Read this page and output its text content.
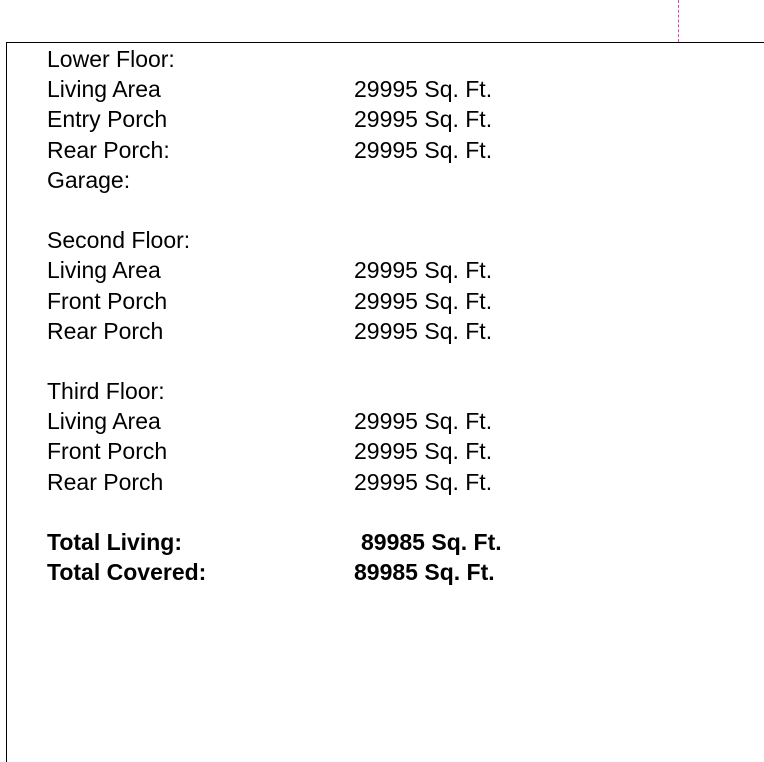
Lower Floor:
Living Area	29995 Sq. Ft.
Entry Porch	29995 Sq. Ft.
Rear Porch:	29995 Sq. Ft.
Garage:
Second Floor:
Living Area	29995 Sq. Ft.
Front Porch	29995 Sq. Ft.
Rear Porch	29995 Sq. Ft.
Third Floor:
Living Area	29995 Sq. Ft.
Front Porch	29995 Sq. Ft.
Rear Porch	29995 Sq. Ft.
Total Living:	89985 Sq. Ft.
Total Covered:	89985 Sq. Ft.
